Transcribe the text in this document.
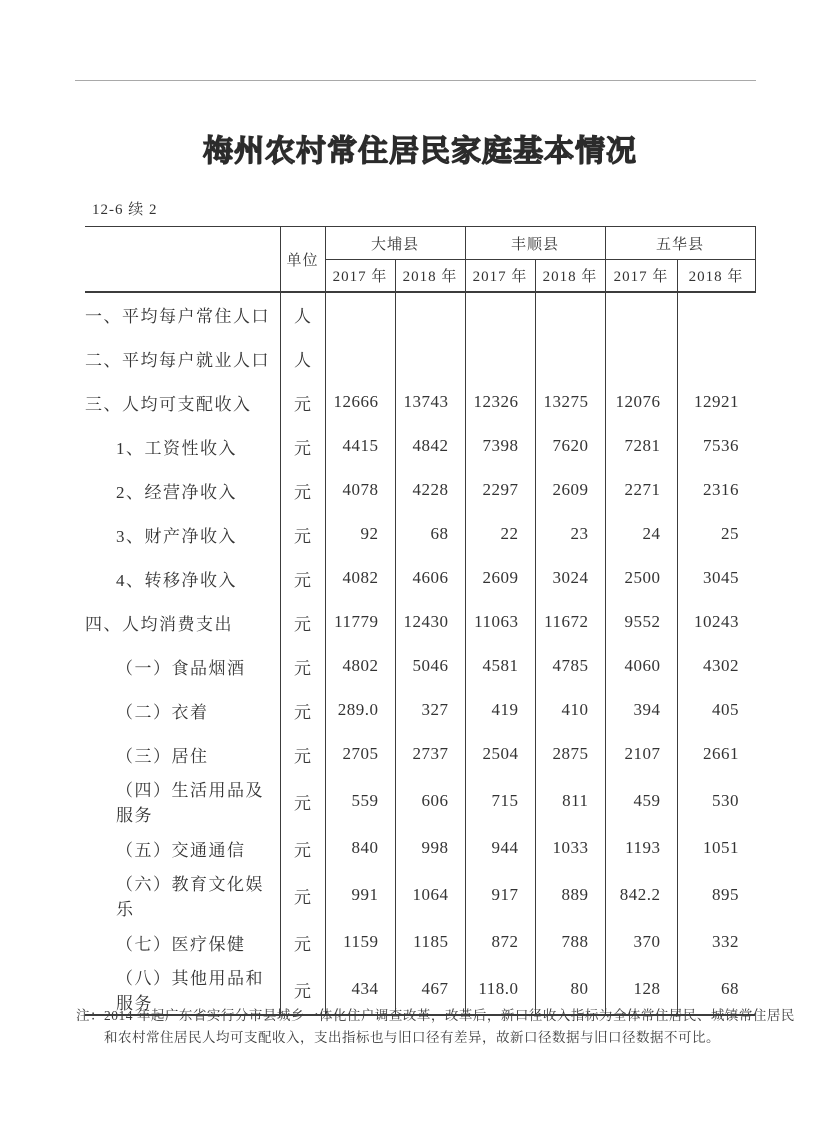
梅州农村常住居民家庭基本情况
12-6 续 2
	单位	大埔县		丰顺县		五华县	
		2017 年	2018 年	2017 年	2018 年	2017 年	2018 年
一、平均每户常住人口	人						
二、平均每户就业人口	人						
三、人均可支配收入	元	12666	13743	12326	13275	12076	12921
1、工资性收入	元	4415	4842	7398	7620	7281	7536
2、经营净收入	元	4078	4228	2297	2609	2271	2316
3、财产净收入	元	92	68	22	23	24	25
4、转移净收入	元	4082	4606	2609	3024	2500	3045
四、人均消费支出	元	11779	12430	11063	11672	9552	10243
（一）食品烟酒	元	4802	5046	4581	4785	4060	4302
（二）衣着	元	289.0	327	419	410	394	405
（三）居住	元	2705	2737	2504	2875	2107	2661
（四）生活用品及服务	元	559	606	715	811	459	530
（五）交通通信	元	840	998	944	1033	1193	1051
（六）教育文化娱乐	元	991	1064	917	889	842.2	895
（七）医疗保健	元	1159	1185	872	788	370	332
（八）其他用品和服务	元	434	467	118.0	80	128	68
注：2014 年起广东省实行分市县城乡一体化住户调查改革，改革后，新口径收入指标为全体常住居民、城镇常住居民和农村常住居民人均可支配收入，支出指标也与旧口径有差异，故新口径数据与旧口径数据不可比。
